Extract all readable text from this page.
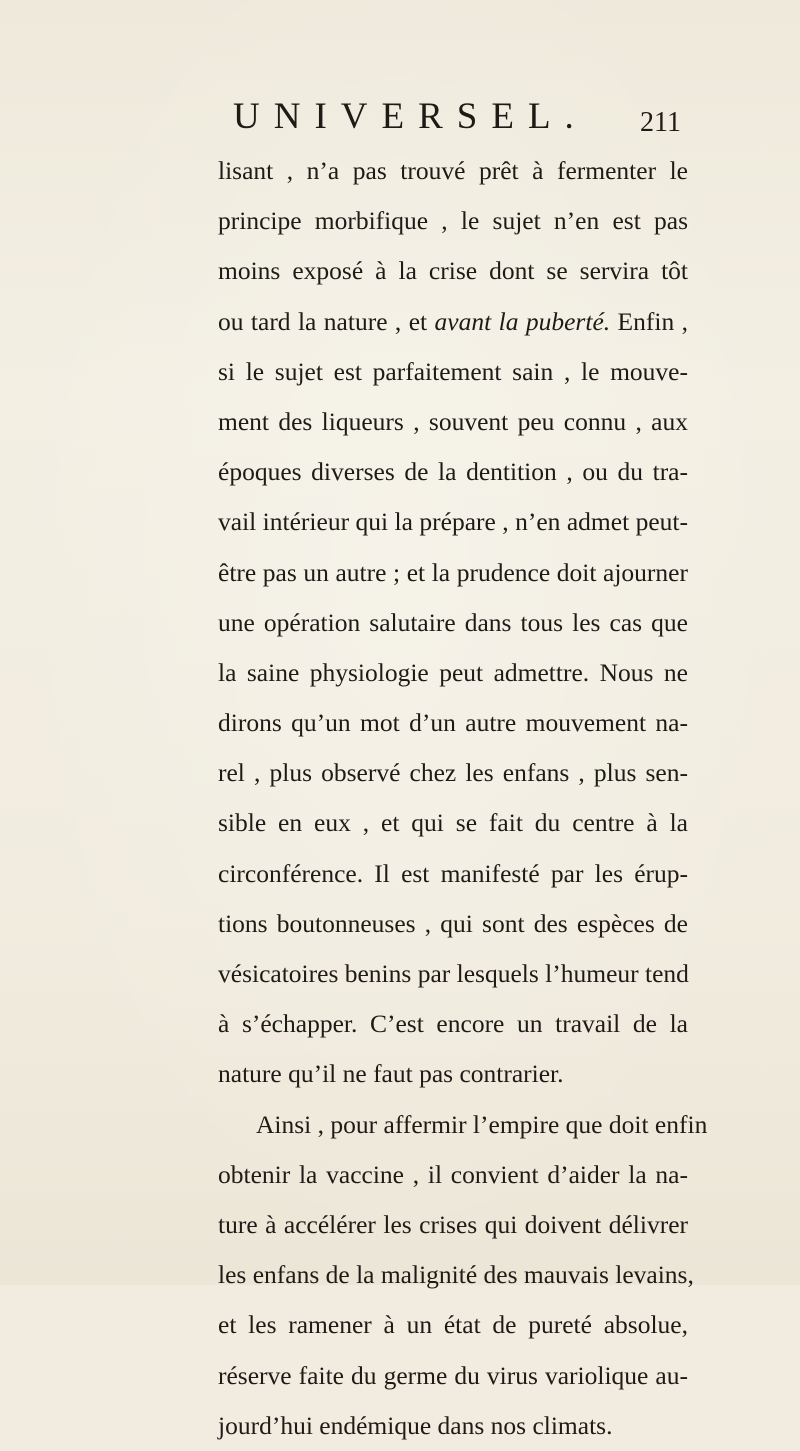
UNIVERSEL. 211
lisant , n’a pas trouvé prêt à fermenter le
principe morbifique , le sujet n’en est pas
moins exposé à la crise dont se servira tôt
ou tard la nature , et avant la puberté. Enfin ,
si le sujet est parfaitement sain , le mouve-
ment des liqueurs , souvent peu connu , aux
époques diverses de la dentition , ou du tra-
vail intérieur qui la prépare , n’en admet peut-
être pas un autre ; et la prudence doit ajourner
une opération salutaire dans tous les cas que
la saine physiologie peut admettre. Nous ne
dirons qu’un mot d’un autre mouvement na-
rel , plus observé chez les enfans , plus sen-
sible en eux , et qui se fait du centre à la
circonférence. Il est manifesté par les érup-
tions boutonneuses , qui sont des espèces de
vésicatoires benins par lesquels l’humeur tend
à s’échapper. C’est encore un travail de la
nature qu’il ne faut pas contrarier.
Ainsi , pour affermir l’empire que doit enfin
obtenir la vaccine , il convient d’aider la na-
ture à accélérer les crises qui doivent délivrer
les enfans de la malignité des mauvais levains,
et les ramener à un état de pureté absolue,
réserve faite du germe du virus variolique au-
jourd’hui endémique dans nos climats.
